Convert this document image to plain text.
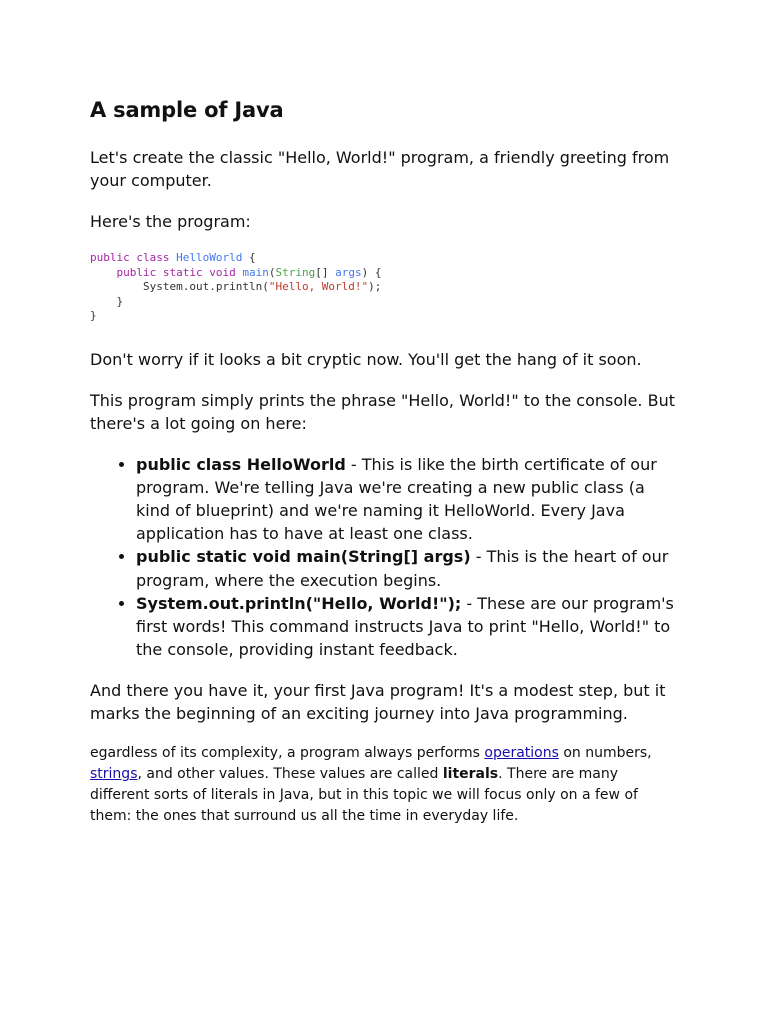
A sample of Java

Let's create the classic "Hello, World!" program, a friendly greeting from your computer.

Here's the program:

public class HelloWorld {
public static void main(String[] args) {
System.out.println("Hello, World!");
}
}

Don't worry if it looks a bit cryptic now. You'll get the hang of it soon.

This program simply prints the phrase "Hello, World!" to the console. But there's a lot going on here:

• public class HelloWorld - This is like the birth certificate of our program. We're telling Java we're creating a new public class (a kind of blueprint) and we're naming it HelloWorld. Every Java application has to have at least one class.
• public static void main(String[] args) - This is the heart of our program, where the execution begins.
• System.out.println("Hello, World!"); - These are our program's first words! This command instructs Java to print "Hello, World!" to the console, providing instant feedback.

And there you have it, your first Java program! It's a modest step, but it marks the beginning of an exciting journey into Java programming.

egardless of its complexity, a program always performs operations on numbers, strings, and other values. These values are called literals. There are many different sorts of literals in Java, but in this topic we will focus only on a few of them: the ones that surround us all the time in everyday life.
